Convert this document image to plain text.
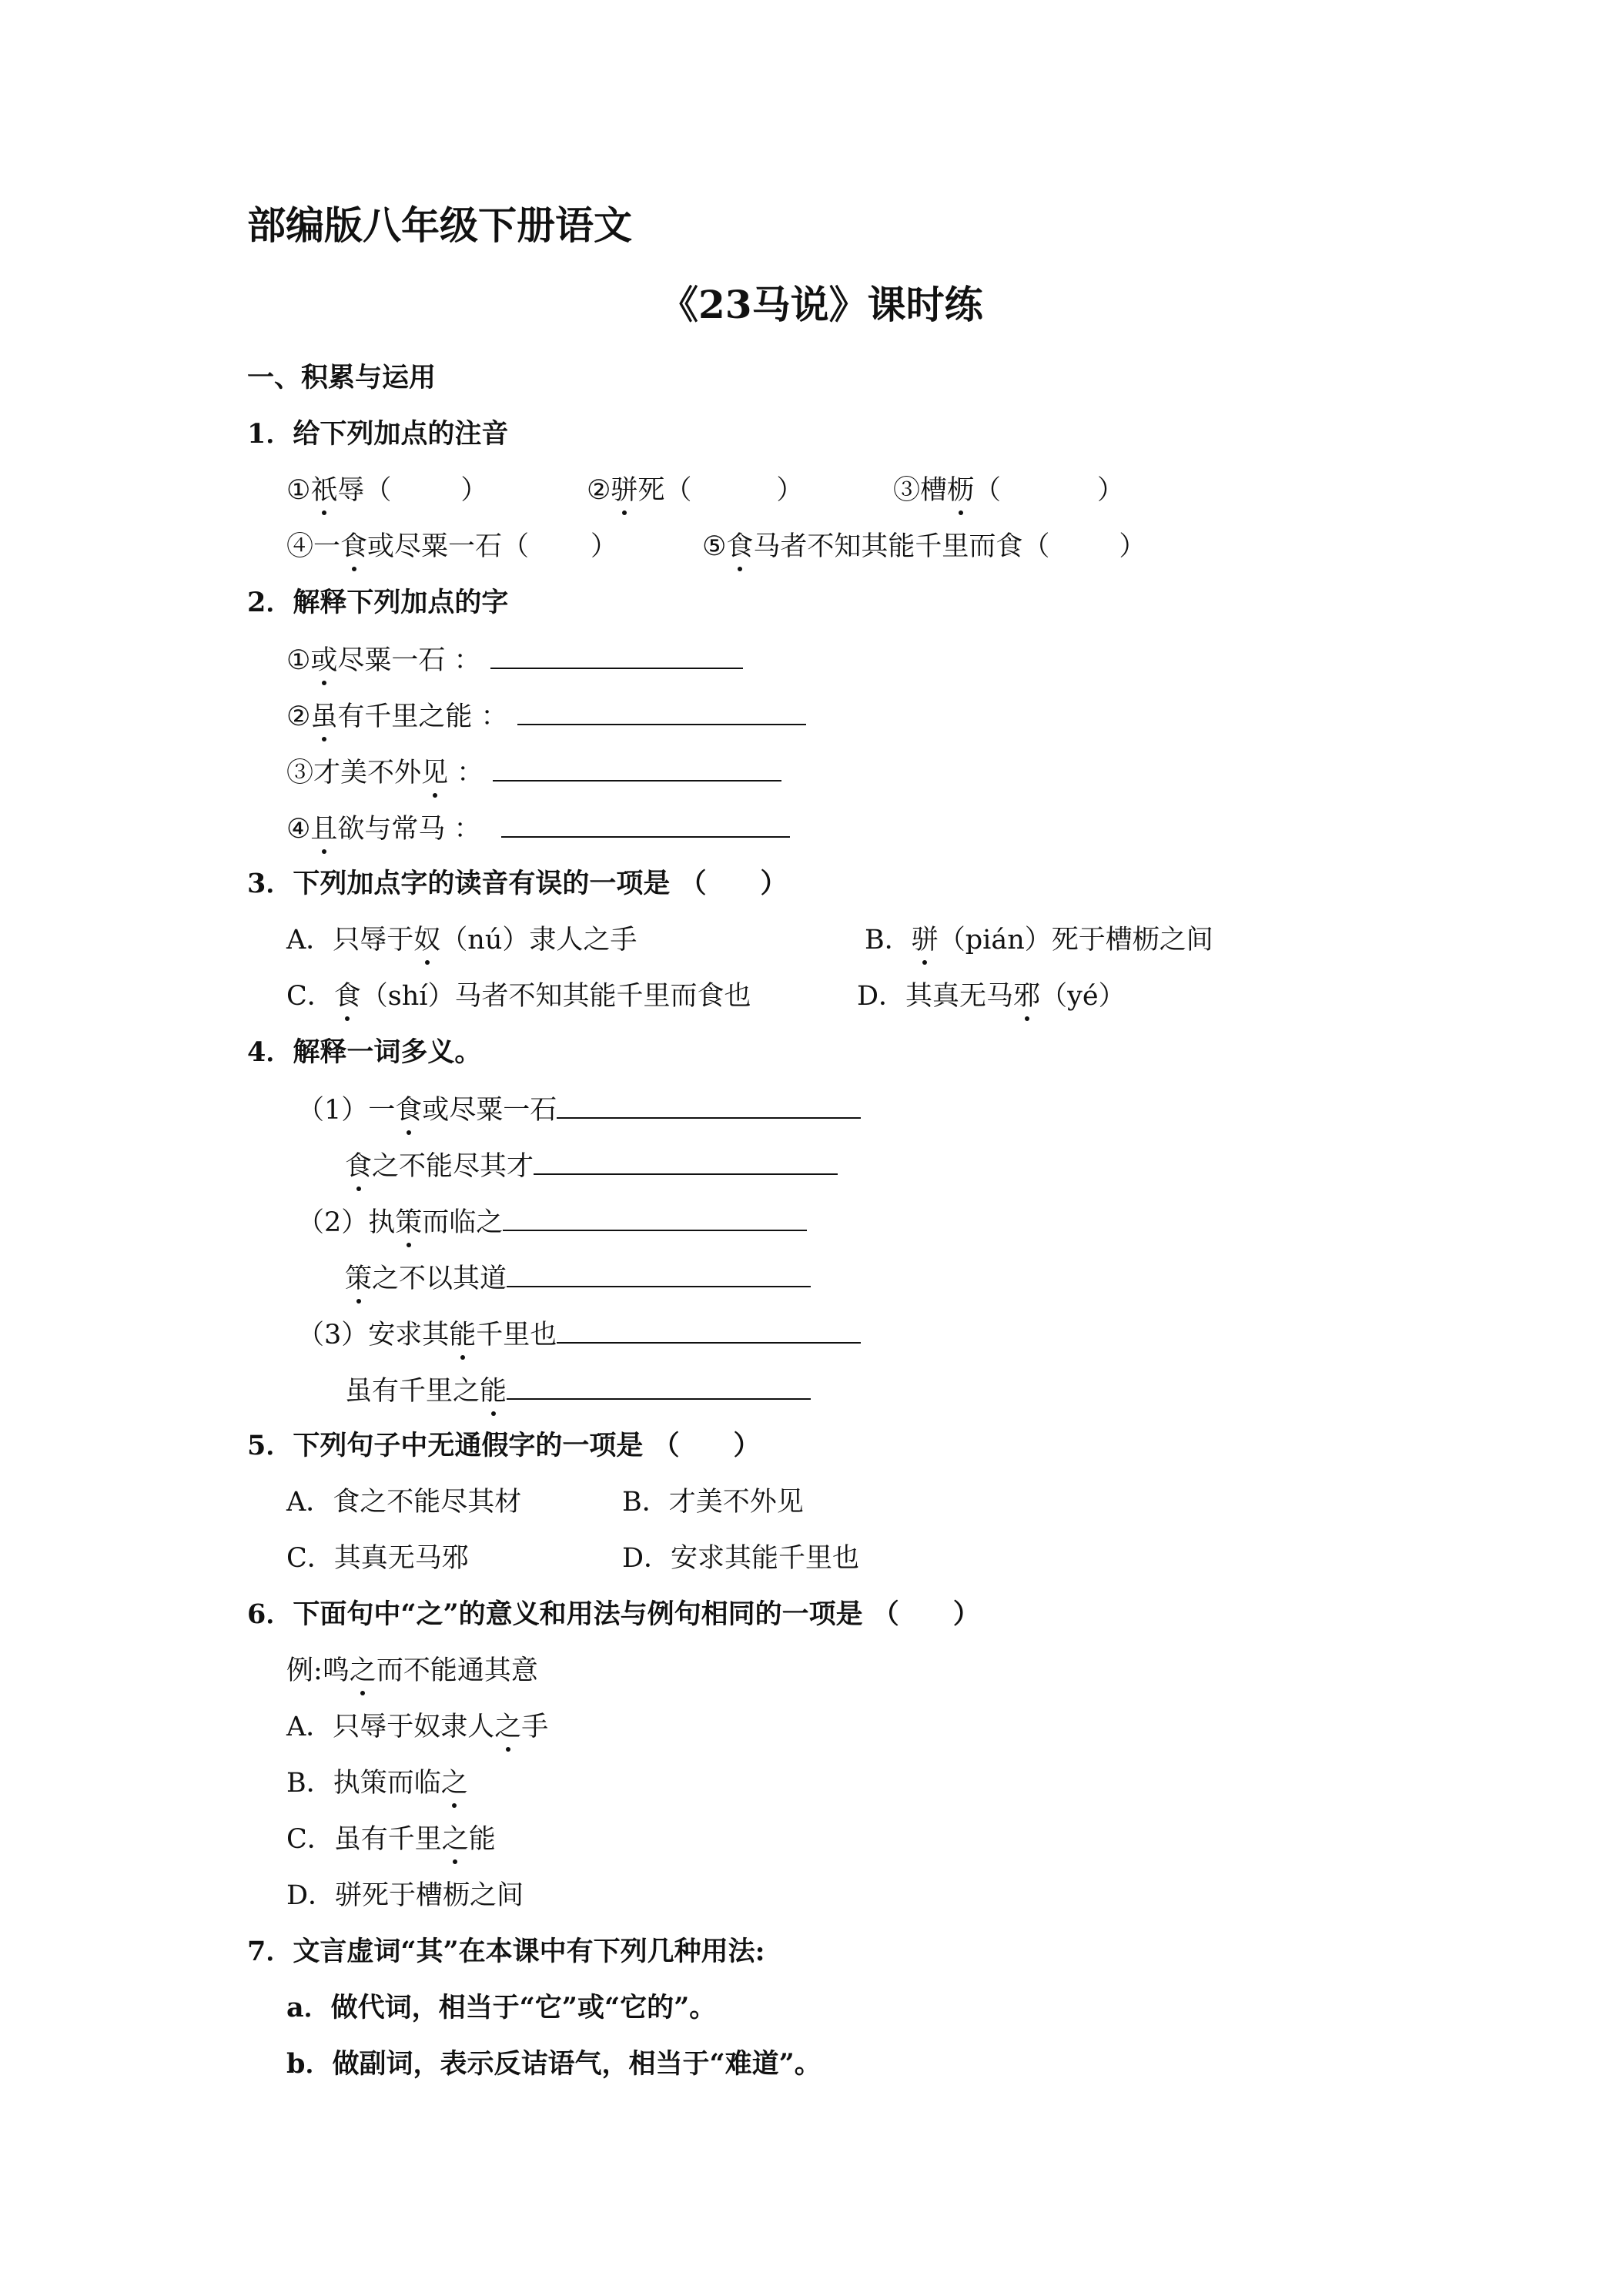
部编版八年级下册语文
《23马说》课时练
一、积累与运用
1．给下列加点的注音
①祇辱（	）	②骈死（	）	③槽枥（	）
④一食或尽粟一石（ ）	⑤食马者不知其能千里而食（	）
2．解释下列加点的字
①或尽粟一石 ：
②虽有千里之能 ：
③才美不外见 ：
④且欲与常马 ：
3．下列加点字的读音有误的一项是 （　　）
A．只辱于奴（nú）隶人之手	B．骈（pián）死于槽枥之间
C．食（shí）马者不知其能千里而食也	D．其真无马邪（yé）
4．解释一词多义。
（1）一食或尽粟一石
食之不能尽其才
（2）执策而临之
策之不以其道
（3）安求其能千里也
虽有千里之能
5．下列句子中无通假字的一项是 （　　）
A．食之不能尽其材	B．才美不外见
C．其真无马邪	D．安求其能千里也
6．下面句中“之”的意义和用法与例句相同的一项是 （　　）
例:鸣之而不能通其意
A．只辱于奴隶人之手
B．执策而临之
C．虽有千里之能
D．骈死于槽枥之间
7．文言虚词“其”在本课中有下列几种用法:
a．做代词，相当于“它”或“它的”。
b．做副词，表示反诘语气，相当于“难道”。
